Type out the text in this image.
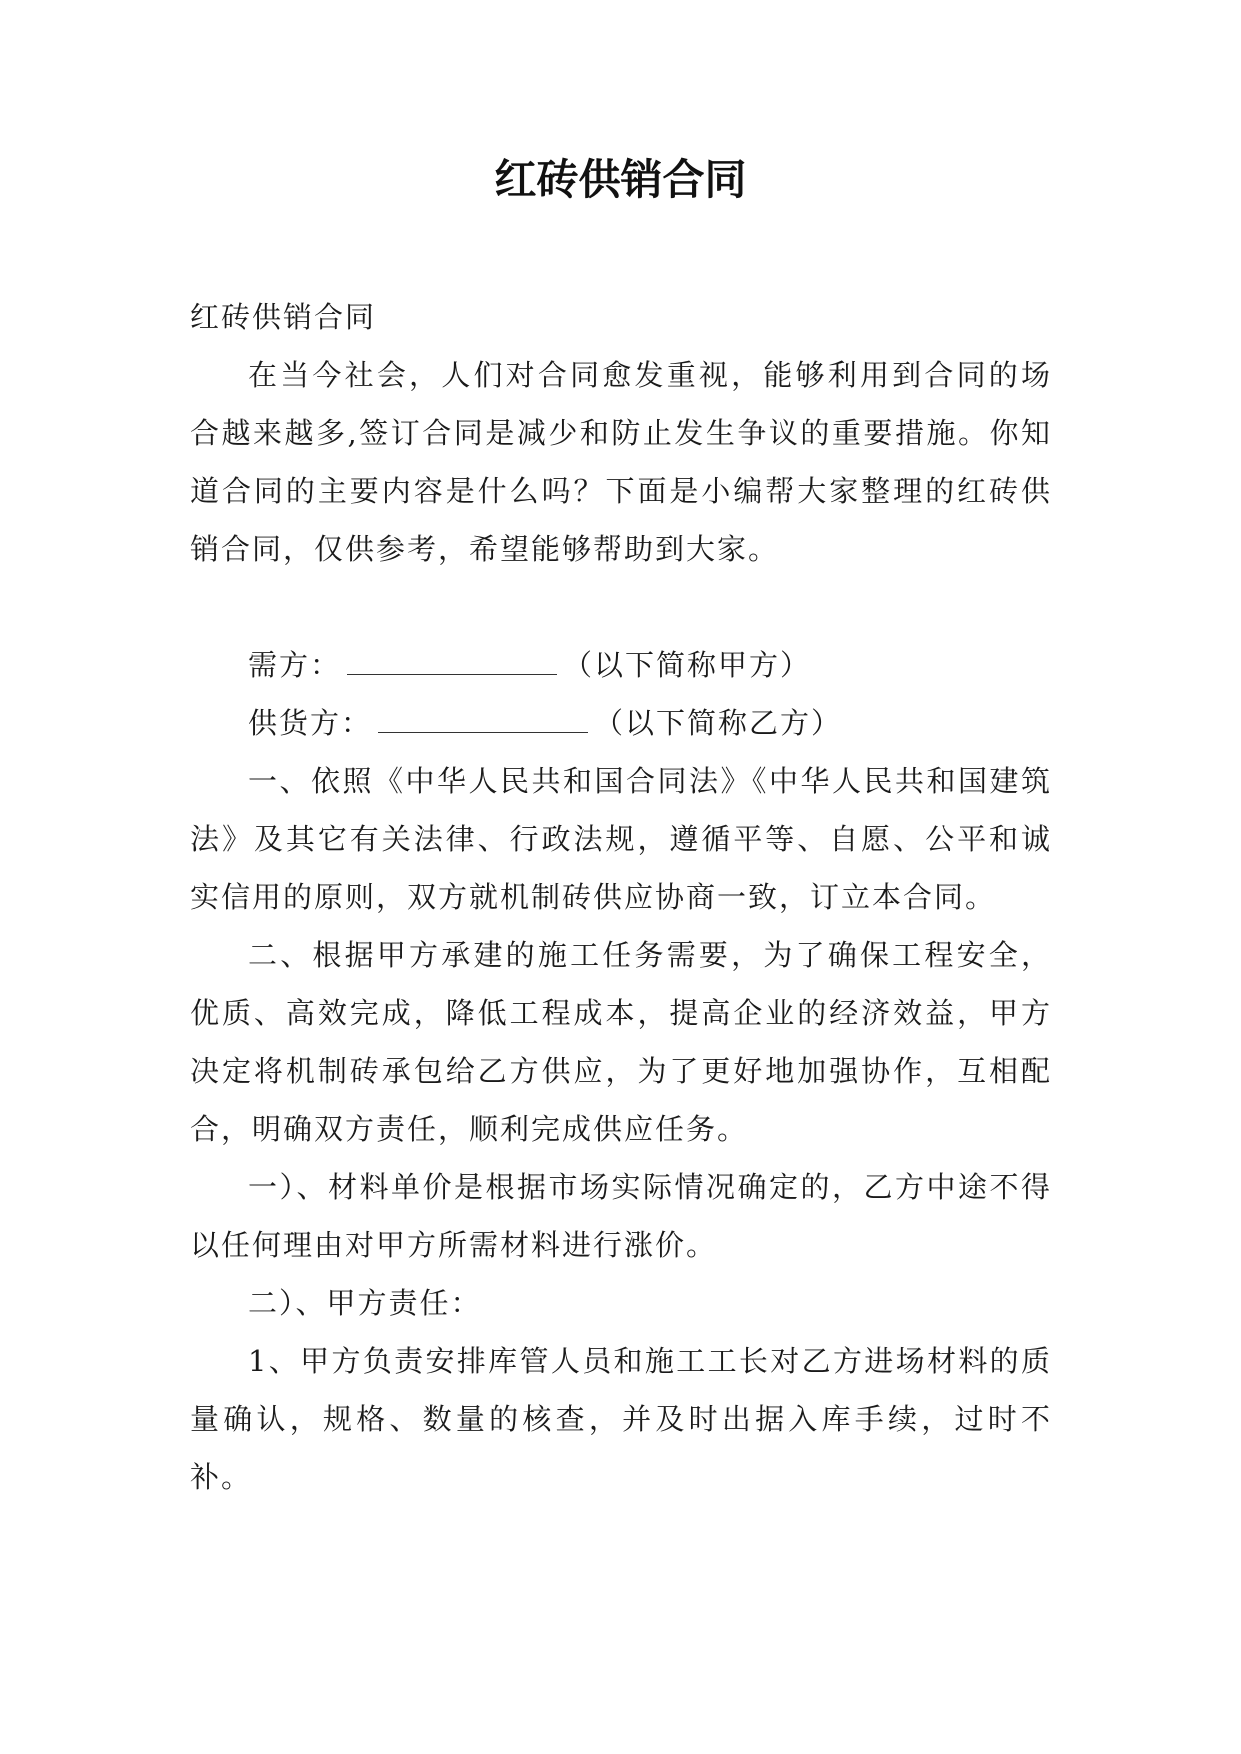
红砖供销合同

红砖供销合同

在当今社会，人们对合同愈发重视，能够利用到合同的场合越来越多,签订合同是减少和防止发生争议的重要措施。你知道合同的主要内容是什么吗？下面是小编帮大家整理的红砖供销合同，仅供参考，希望能够帮助到大家。

需方：	（以下简称甲方）

供货方：	（以下简称乙方）

一、依照《中华人民共和国合同法》《中华人民共和国建筑法》及其它有关法律、行政法规，遵循平等、自愿、公平和诚实信用的原则，双方就机制砖供应协商一致，订立本合同。

二、根据甲方承建的施工任务需要，为了确保工程安全，优质、高效完成，降低工程成本，提高企业的经济效益，甲方决定将机制砖承包给乙方供应，为了更好地加强协作，互相配合，明确双方责任，顺利完成供应任务。

一）、材料单价是根据市场实际情况确定的，乙方中途不得以任何理由对甲方所需材料进行涨价。

二）、甲方责任：

1、甲方负责安排库管人员和施工工长对乙方进场材料的质量确认，规格、数量的核查，并及时出据入库手续，过时不补。
